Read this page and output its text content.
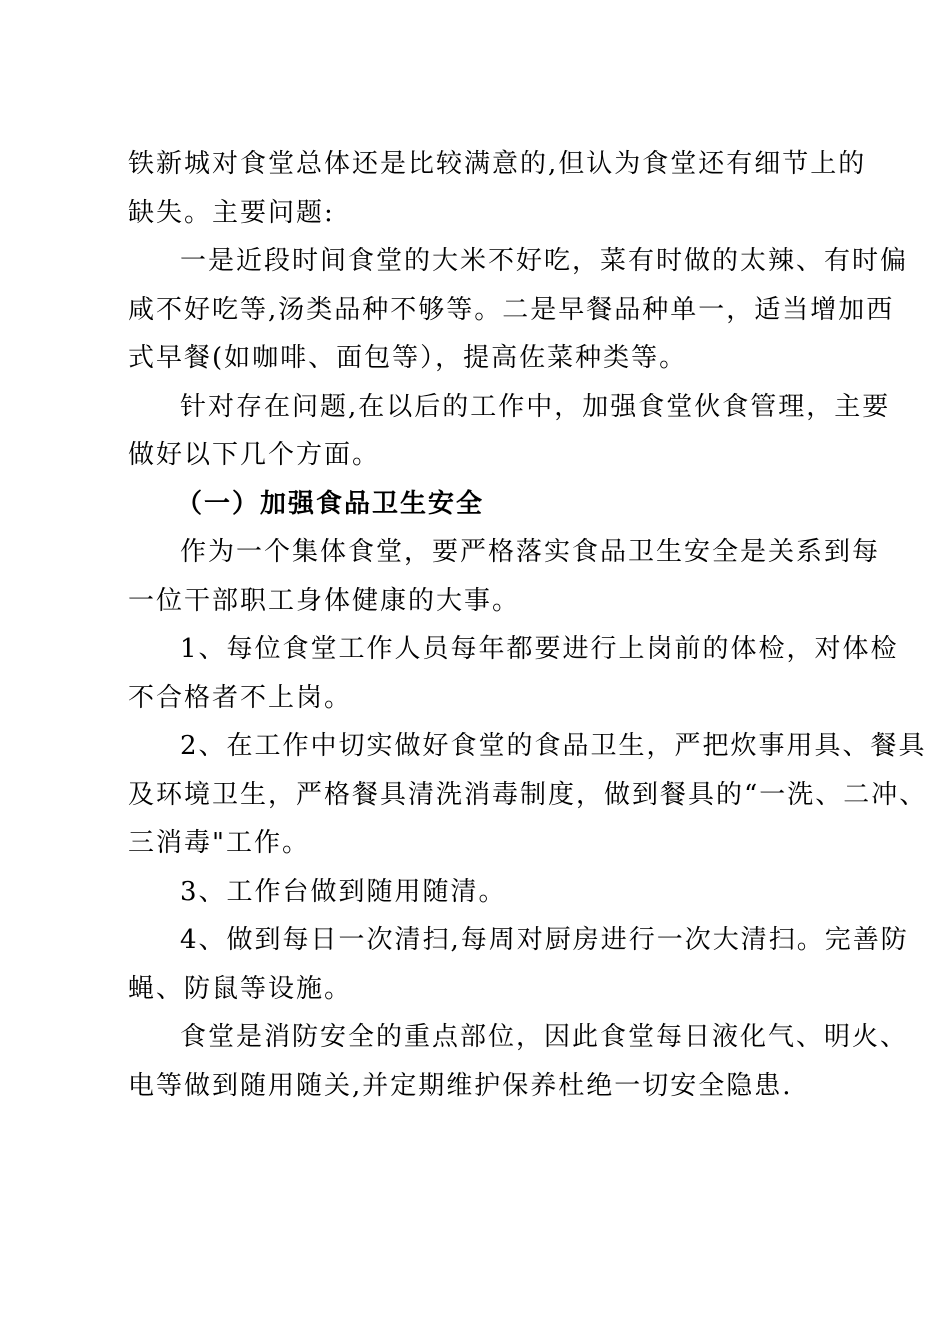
铁新城对食堂总体还是比较满意的,但认为食堂还有细节上的

缺失。主要问题:

一是近段时间食堂的大米不好吃，菜有时做的太辣、有时偏

咸不好吃等,汤类品种不够等。二是早餐品种单一，适当增加西

式早餐(如咖啡、面包等），提高佐菜种类等。

针对存在问题,在以后的工作中，加强食堂伙食管理，主要

做好以下几个方面。

（一）加强食品卫生安全

作为一个集体食堂，要严格落实食品卫生安全是关系到每

一位干部职工身体健康的大事。

1、每位食堂工作人员每年都要进行上岗前的体检，对体检

不合格者不上岗。

2、在工作中切实做好食堂的食品卫生，严把炊事用具、餐具

及环境卫生，严格餐具清洗消毒制度，做到餐具的“一洗、二冲、

三消毒"工作。

3、工作台做到随用随清。

4、做到每日一次清扫,每周对厨房进行一次大清扫。完善防

蝇、防鼠等设施。

食堂是消防安全的重点部位，因此食堂每日液化气、明火、

电等做到随用随关,并定期维护保养杜绝一切安全隐患.
